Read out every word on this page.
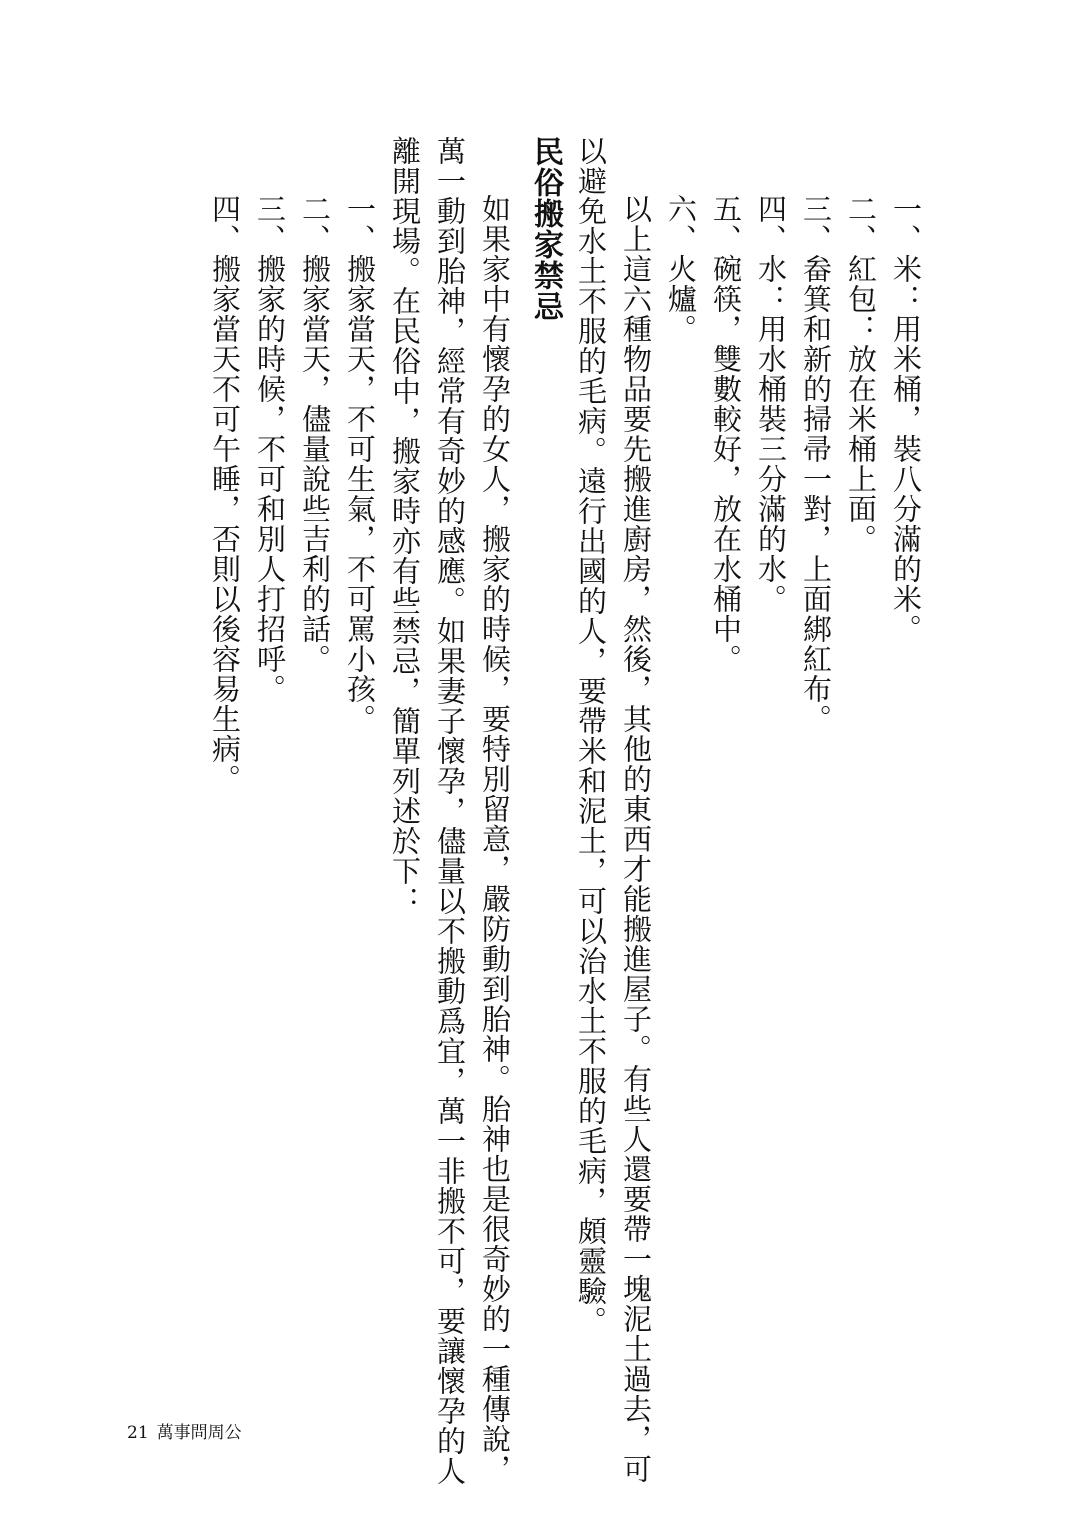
一、米：用米桶，裝八分滿的米。

二、紅包：放在米桶上面。

三、畚箕和新的掃帚一對，上面綁紅布。

四、水：用水桶裝三分滿的水。

五、碗筷，雙數較好，放在水桶中。

六、火爐。

以上這六種物品要先搬進廚房，然後，其他的東西才能搬進屋子。有些人還要帶一塊泥土過去，可

以避免水土不服的毛病。遠行出國的人，要帶米和泥土，可以治水土不服的毛病，頗靈驗。

民俗搬家禁忌

如果家中有懷孕的女人，搬家的時候，要特別留意，嚴防動到胎神。胎神也是很奇妙的一種傳說，

萬一動到胎神，經常有奇妙的感應。如果妻子懷孕，儘量以不搬動爲宜，萬一非搬不可，要讓懷孕的人

離開現場。在民俗中，搬家時亦有些禁忌，簡單列述於下：

一、搬家當天，不可生氣，不可罵小孩。

二、搬家當天，儘量說些吉利的話。

三、搬家的時候，不可和別人打招呼。

四、搬家當天不可午睡，否則以後容易生病。

21 萬事問周公
